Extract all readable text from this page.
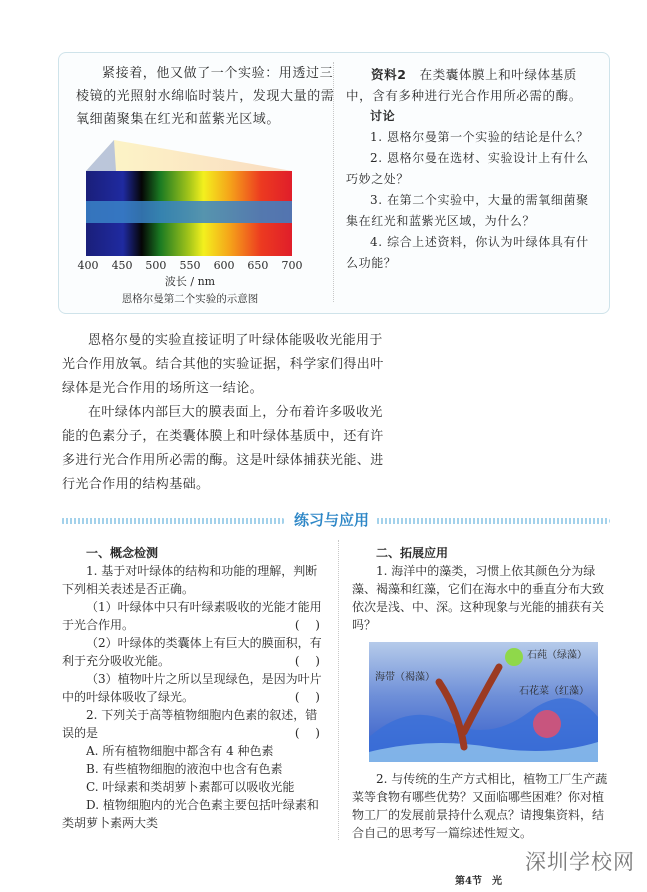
紧接着，他又做了一个实验：用透过三棱镜的光照射水绵临时装片，发现大量的需氧细菌聚集在红光和蓝紫光区域。

400 450 500 550 600 650 700
波长 / nm
恩格尔曼第二个实验的示意图

资料2　 在类囊体膜上和叶绿体基质中，含有多种进行光合作用所必需的酶。

讨论

1. 恩格尔曼第一个实验的结论是什么？

2. 恩格尔曼在选材、实验设计上有什么巧妙之处？

3. 在第二个实验中，大量的需氧细菌聚集在红光和蓝紫光区域，为什么？

4. 综合上述资料，你认为叶绿体具有什么功能？

恩格尔曼的实验直接证明了叶绿体能吸收光能用于光合作用放氧。结合其他的实验证据，科学家们得出叶绿体是光合作用的场所这一结论。

在叶绿体内部巨大的膜表面上，分布着许多吸收光能的色素分子，在类囊体膜上和叶绿体基质中，还有许多进行光合作用所必需的酶。这是叶绿体捕获光能、进行光合作用的结构基础。

练习与应用

一、概念检测

1. 基于对叶绿体的结构和功能的理解，判断下列相关表述是否正确。

（1）叶绿体中只有叶绿素吸收的光能才能用于光合作用。	( )

（2）叶绿体的类囊体上有巨大的膜面积，有利于充分吸收光能。	( )

（3）植物叶片之所以呈现绿色，是因为叶片中的叶绿体吸收了绿光。	( )

2. 下列关于高等植物细胞内色素的叙述，错误的是	( )

A. 所有植物细胞中都含有 4 种色素

B. 有些植物细胞的液泡中也含有色素

C. 叶绿素和类胡萝卜素都可以吸收光能

D. 植物细胞内的光合色素主要包括叶绿素和类胡萝卜素两大类

二、拓展应用

1. 海洋中的藻类，习惯上依其颜色分为绿藻、褐藻和红藻，它们在海水中的垂直分布大致依次是浅、中、深。这种现象与光能的捕获有关吗？

石莼（绿藻）
海带（褐藻）
石花菜（红藻）

2. 与传统的生产方式相比，植物工厂生产蔬菜等食物有哪些优势？又面临哪些困难？你对植物工厂的发展前景持什么观点？请搜集资料，结合自己的思考写一篇综述性短文。

深圳学校网
第4节　光
